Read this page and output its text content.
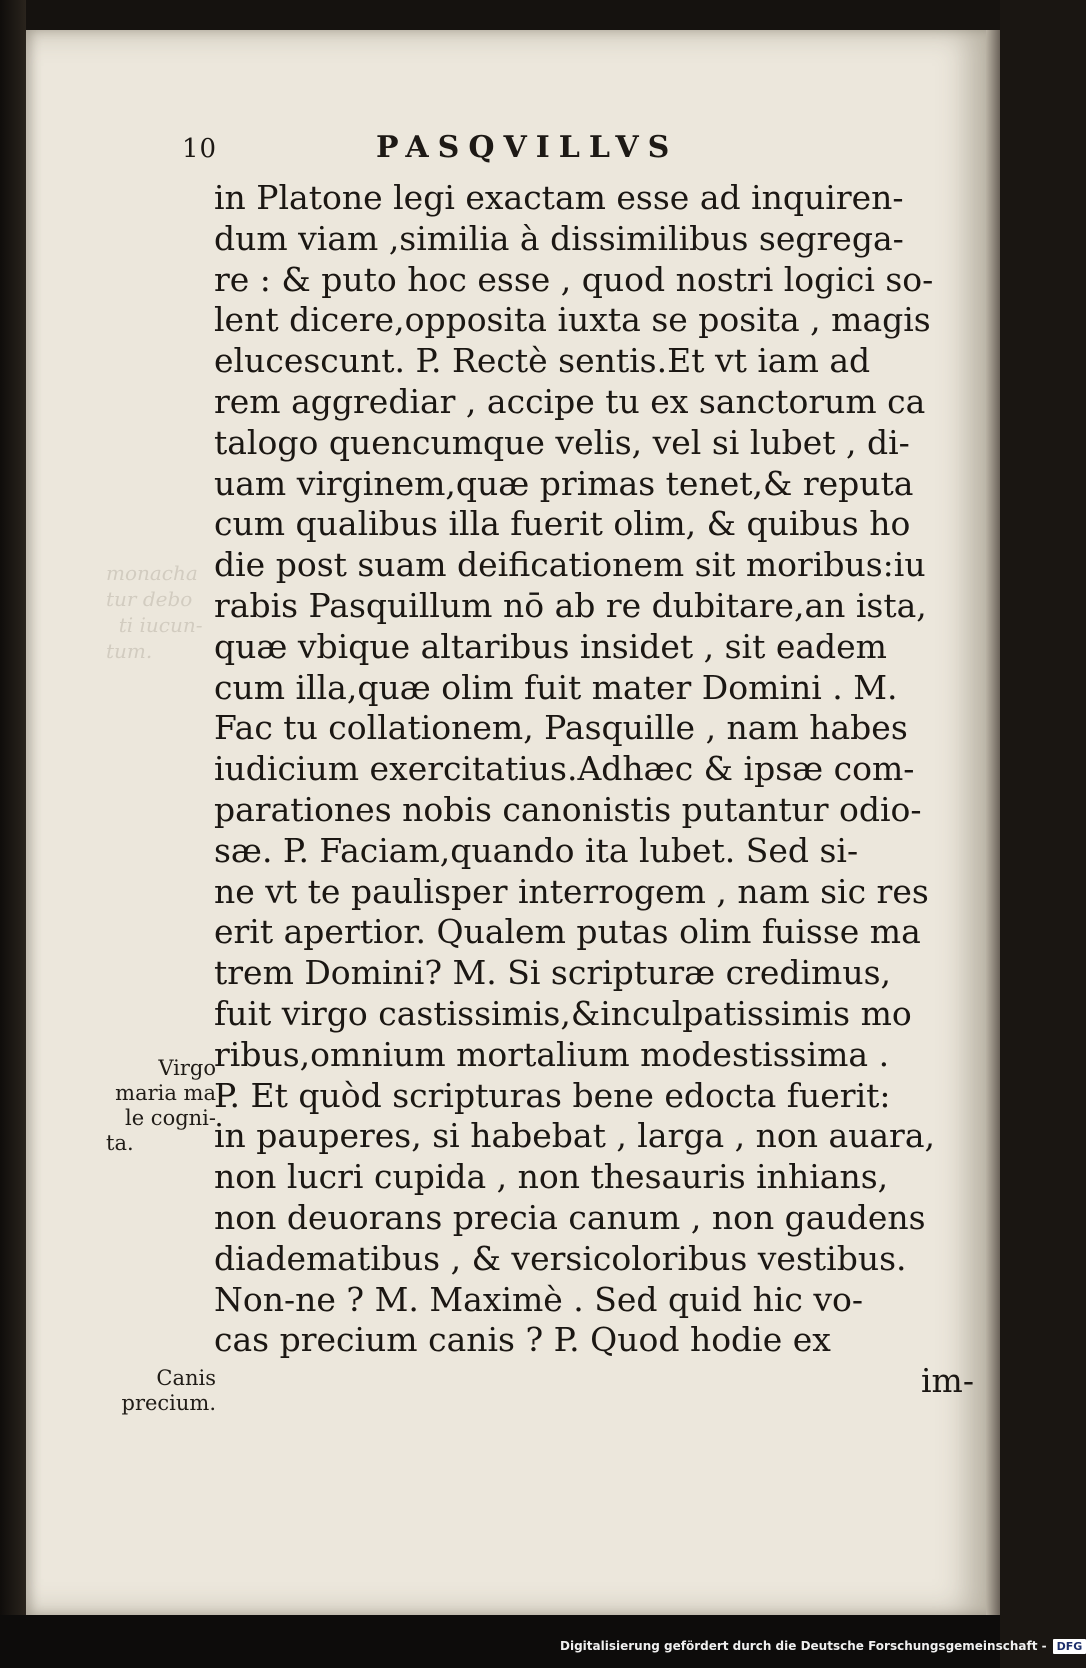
10	PASQVILLVS
monacha
tur debo
ti iucun-
tum.
in Platone legi exactam esse ad inquiren-
dum viam ,similia à dissimilibus segrega-
re : & puto hoc esse , quod nostri logici so-
lent dicere,opposita iuxta se posita , magis
elucescunt. P. Rectè sentis.Et vt iam ad
rem aggrediar , accipe tu ex sanctorum ca
talogo quencumque velis, vel si lubet , di-
uam virginem,quæ primas tenet,& reputa
cum qualibus illa fuerit olim, & quibus ho
die post suam deificationem sit moribus:iu
rabis Pasquillum nō ab re dubitare,an ista,
quæ vbique altaribus insidet , sit eadem
cum illa,quæ olim fuit mater Domini . M.
Fac tu collationem, Pasquille , nam habes
iudicium exercitatius.Adhæc & ipsæ com-
parationes nobis canonistis putantur odio-
sæ. P. Faciam,quando ita lubet. Sed si-
ne vt te paulisper interrogem , nam sic res
erit apertior. Qualem putas olim fuisse ma
trem Domini? M. Si scripturæ credimus,
fuit virgo castissimis,&inculpatissimis mo
ribus,omnium mortalium modestissima .
P. Et quòd scripturas bene edocta fuerit:
in pauperes, si habebat , larga , non auara,
non lucri cupida , non thesauris inhians,
non deuorans precia canum , non gaudens
diadematibus , & versicoloribus vestibus.
Non-ne ? M. Maximè . Sed quid hic vo-
cas precium canis ? P. Quod hodie ex
im-
Virgo
maria ma
le cogni-
ta.
Canis
precium.
Digitalisierung gefördert durch die Deutsche Forschungsgemeinschaft - DFG
